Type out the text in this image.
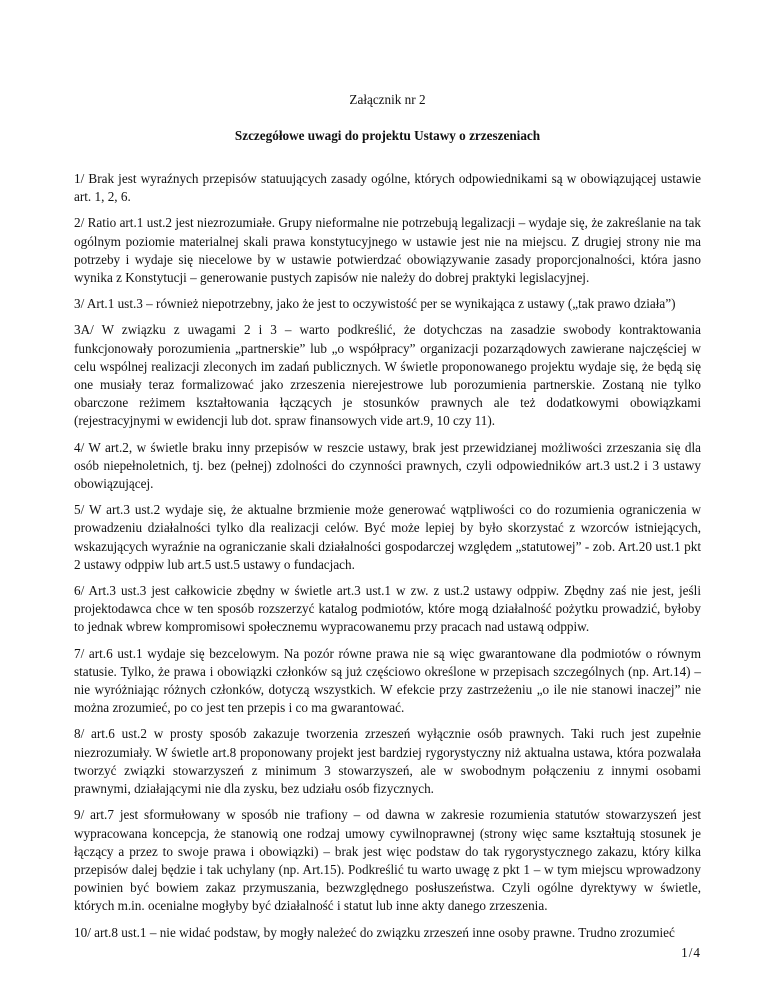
Załącznik nr 2
Szczegółowe uwagi do projektu Ustawy o zrzeszeniach

1/ Brak jest wyraźnych przepisów statuujących zasady ogólne, których odpowiednikami są w obowiązującej ustawie art. 1, 2, 6.

2/ Ratio art.1 ust.2 jest niezrozumiałe. Grupy nieformalne nie potrzebują legalizacji – wydaje się, że zakreślanie na tak ogólnym poziomie materialnej skali prawa konstytucyjnego w ustawie jest nie na miejscu. Z drugiej strony nie ma potrzeby i wydaje się niecelowe by w ustawie potwierdzać obowiązywanie zasady proporcjonalności, która jasno wynika z Konstytucji – generowanie pustych zapisów nie należy do dobrej praktyki legislacyjnej.

3/ Art.1 ust.3 – również niepotrzebny, jako że jest to oczywistość per se wynikająca z ustawy („tak prawo działa”)

3A/ W związku z uwagami 2 i 3 – warto podkreślić, że dotychczas na zasadzie swobody kontraktowania funkcjonowały porozumienia „partnerskie” lub „o współpracy” organizacji pozarządowych zawierane najczęściej w celu wspólnej realizacji zleconych im zadań publicznych. W świetle proponowanego projektu wydaje się, że będą się one musiały teraz formalizować jako zrzeszenia nierejestrowe lub porozumienia partnerskie. Zostaną nie tylko obarczone reżimem kształtowania łączących je stosunków prawnych ale też dodatkowymi obowiązkami (rejestracyjnymi w ewidencji lub dot. spraw finansowych vide art.9, 10 czy 11).

4/ W art.2, w świetle braku inny przepisów w reszcie ustawy, brak jest przewidzianej możliwości zrzeszania się dla osób niepełnoletnich, tj. bez (pełnej) zdolności do czynności prawnych, czyli odpowiedników art.3 ust.2 i 3 ustawy obowiązującej.

5/ W art.3 ust.2 wydaje się, że aktualne brzmienie może generować wątpliwości co do rozumienia ograniczenia w prowadzeniu działalności tylko dla realizacji celów. Być może lepiej by było skorzystać z wzorców istniejących, wskazujących wyraźnie na ograniczanie skali działalności gospodarczej względem „statutowej” - zob. Art.20 ust.1 pkt 2 ustawy odppiw lub art.5 ust.5 ustawy o fundacjach.

6/ Art.3 ust.3 jest całkowicie zbędny w świetle art.3 ust.1 w zw. z ust.2 ustawy odppiw. Zbędny zaś nie jest, jeśli projektodawca chce w ten sposób rozszerzyć katalog podmiotów, które mogą działalność pożytku prowadzić, byłoby to jednak wbrew kompromisowi społecznemu wypracowanemu przy pracach nad ustawą odppiw.

7/ art.6 ust.1 wydaje się bezcelowym. Na pozór równe prawa nie są więc gwarantowane dla podmiotów o równym statusie. Tylko, że prawa i obowiązki członków są już częściowo określone w przepisach szczególnych (np. Art.14) – nie wyróżniając różnych członków, dotyczą wszystkich. W efekcie przy zastrzeżeniu „o ile nie stanowi inaczej” nie można zrozumieć, po co jest ten przepis i co ma gwarantować.

8/ art.6 ust.2 w prosty sposób zakazuje tworzenia zrzeszeń wyłącznie osób prawnych. Taki ruch jest zupełnie niezrozumiały. W świetle art.8 proponowany projekt jest bardziej rygorystyczny niż aktualna ustawa, która pozwalała tworzyć związki stowarzyszeń z minimum 3 stowarzyszeń, ale w swobodnym połączeniu z innymi osobami prawnymi, działającymi nie dla zysku, bez udziału osób fizycznych.

9/ art.7 jest sformułowany w sposób nie trafiony – od dawna w zakresie rozumienia statutów stowarzyszeń jest wypracowana koncepcja, że stanowią one rodzaj umowy cywilnoprawnej (strony więc same kształtują stosunek je łączący a przez to swoje prawa i obowiązki) – brak jest więc podstaw do tak rygorystycznego zakazu, który kilka przepisów dalej będzie i tak uchylany (np. Art.15). Podkreślić tu warto uwagę z pkt 1 – w tym miejscu wprowadzony powinien być bowiem zakaz przymuszania, bezwzględnego posłuszeństwa. Czyli ogólne dyrektywy w świetle, których m.in. ocenialne mogłyby być działalność i statut lub inne akty danego zrzeszenia.

10/ art.8 ust.1 – nie widać podstaw, by mogły należeć do związku zrzeszeń inne osoby prawne. Trudno zrozumieć

1/4
